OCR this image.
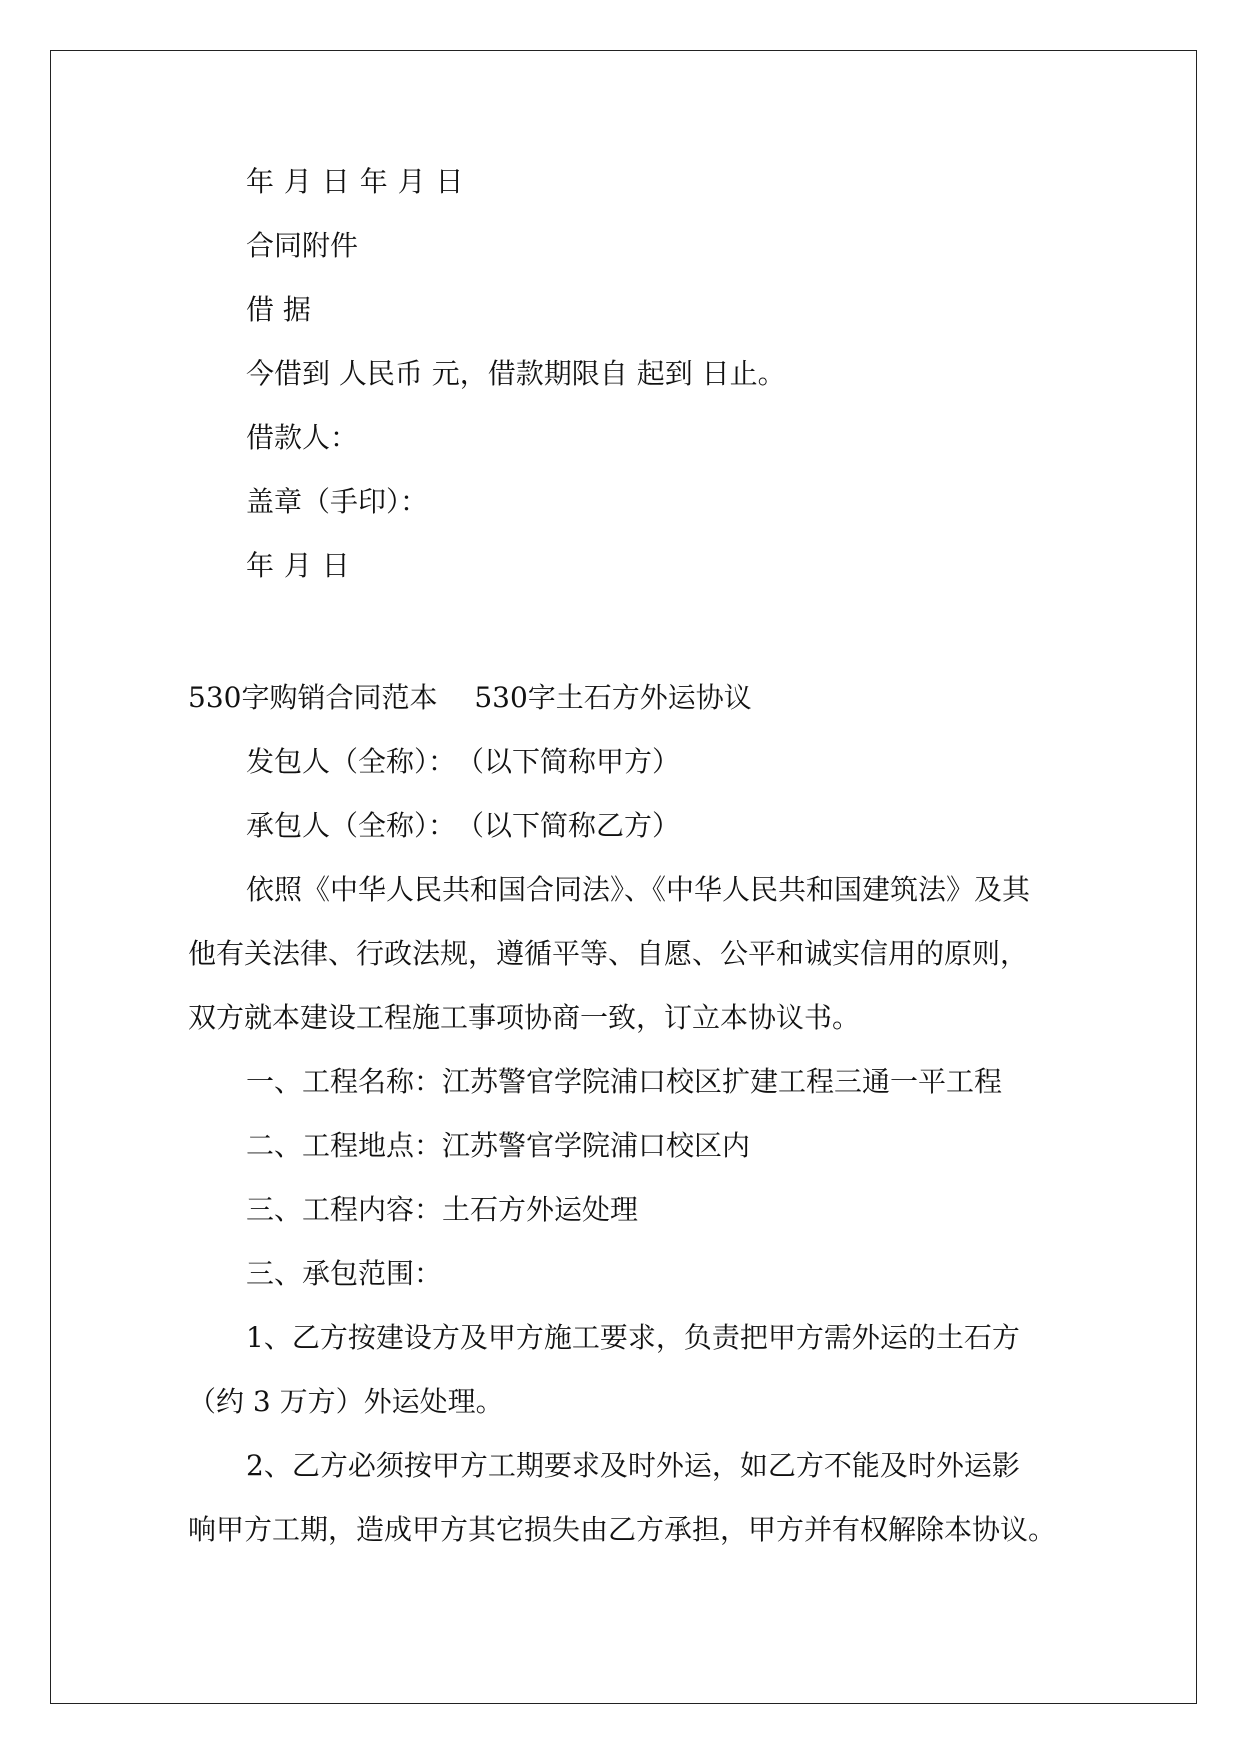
年 月 日 年 月 日

合同附件

借 据

今借到 人民币 元，借款期限自 起到 日止。

借款人：

盖章（手印）：

年 月 日

530字购销合同范本　 530字土石方外运协议

发包人（全称）：　（以下简称甲方）

承包人（全称）：　（以下简称乙方）

依照《中华人民共和国合同法》、《中华人民共和国建筑法》及其

他有关法律、行政法规，遵循平等、自愿、公平和诚实信用的原则，

双方就本建设工程施工事项协商一致，订立本协议书。

一、工程名称：江苏警官学院浦口校区扩建工程三通一平工程

二、工程地点：江苏警官学院浦口校区内

三、工程内容：土石方外运处理

三、承包范围：

1、乙方按建设方及甲方施工要求，负责把甲方需外运的土石方

（约 3 万方）外运处理。

2、乙方必须按甲方工期要求及时外运，如乙方不能及时外运影

响甲方工期，造成甲方其它损失由乙方承担，甲方并有权解除本协议。
